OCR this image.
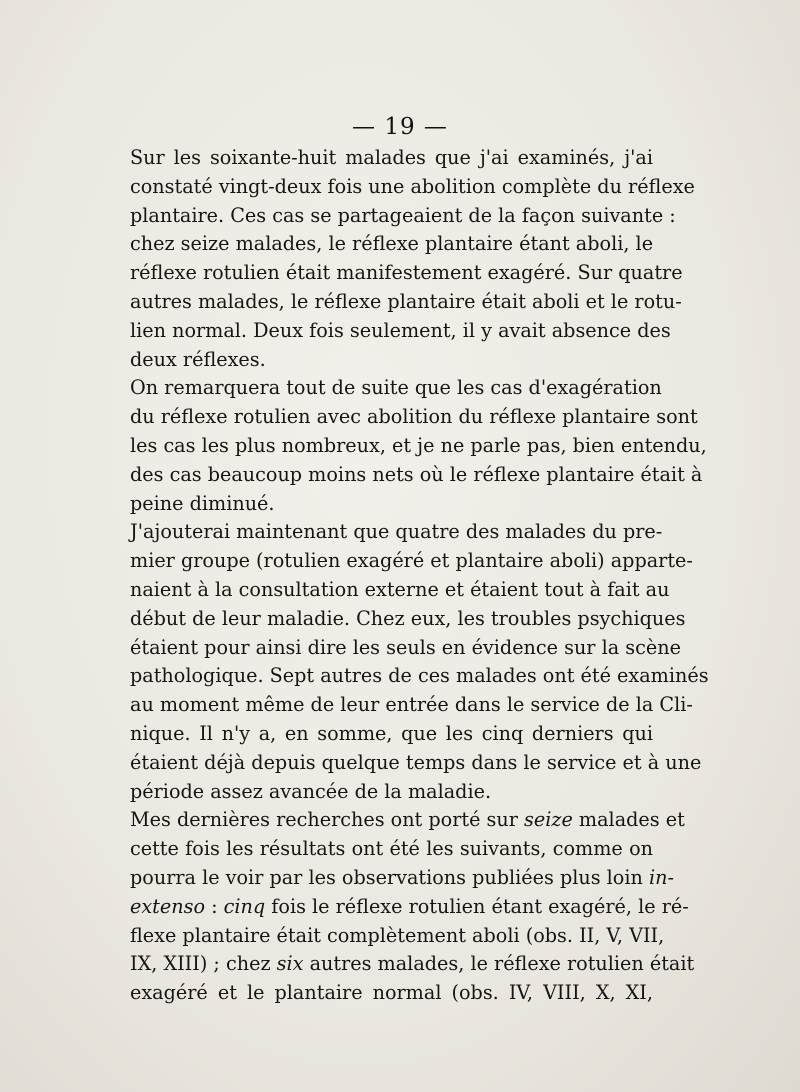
— 19 —

Sur les soixante-huit malades que j'ai examinés, j'ai
constaté vingt-deux fois une abolition complète du réflexe
plantaire. Ces cas se partageaient de la façon suivante :
chez seize malades, le réflexe plantaire étant aboli, le
réflexe rotulien était manifestement exagéré. Sur quatre
autres malades, le réflexe plantaire était aboli et le rotu-
lien normal. Deux fois seulement, il y avait absence des
deux réflexes.

On remarquera tout de suite que les cas d'exagération
du réflexe rotulien avec abolition du réflexe plantaire sont
les cas les plus nombreux, et je ne parle pas, bien entendu,
des cas beaucoup moins nets où le réflexe plantaire était à
peine diminué.

J'ajouterai maintenant que quatre des malades du pre-
mier groupe (rotulien exagéré et plantaire aboli) apparte-
naient à la consultation externe et étaient tout à fait au
début de leur maladie. Chez eux, les troubles psychiques
étaient pour ainsi dire les seuls en évidence sur la scène
pathologique. Sept autres de ces malades ont été examinés
au moment même de leur entrée dans le service de la Cli-
nique. Il n'y a, en somme, que les cinq derniers qui
étaient déjà depuis quelque temps dans le service et à une
période assez avancée de la maladie.

Mes dernières recherches ont porté sur seize malades et
cette fois les résultats ont été les suivants, comme on
pourra le voir par les observations publiées plus loin in-
extenso : cinq fois le réflexe rotulien étant exagéré, le ré-
flexe plantaire était complètement aboli (obs. II, V, VII,
IX, XIII) ; chez six autres malades, le réflexe rotulien était
exagéré et le plantaire normal (obs. IV, VIII, X, XI,
